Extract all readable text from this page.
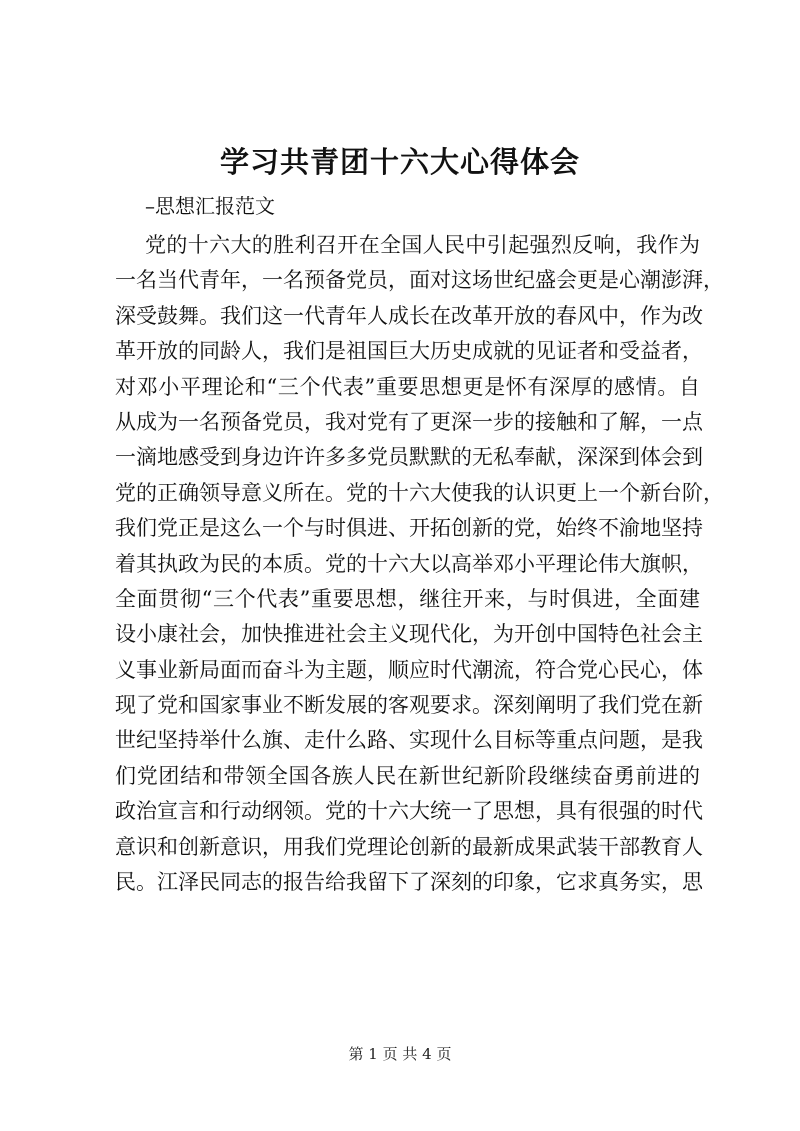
学习共青团十六大心得体会
–思想汇报范文
党的十六大的胜利召开在全国人民中引起强烈反响，我作为
一名当代青年，一名预备党员，面对这场世纪盛会更是心潮澎湃，
深受鼓舞。我们这一代青年人成长在改革开放的春风中，作为改
革开放的同龄人，我们是祖国巨大历史成就的见证者和受益者，
对邓小平理论和“三个代表”重要思想更是怀有深厚的感情。自
从成为一名预备党员，我对党有了更深一步的接触和了解，一点
一滴地感受到身边许许多多党员默默的无私奉献，深深到体会到
党的正确领导意义所在。党的十六大使我的认识更上一个新台阶，
我们党正是这么一个与时俱进、开拓创新的党，始终不渝地坚持
着其执政为民的本质。党的十六大以高举邓小平理论伟大旗帜，
全面贯彻“三个代表”重要思想，继往开来，与时俱进，全面建
设小康社会，加快推进社会主义现代化，为开创中国特色社会主
义事业新局面而奋斗为主题，顺应时代潮流，符合党心民心，体
现了党和国家事业不断发展的客观要求。深刻阐明了我们党在新
世纪坚持举什么旗、走什么路、实现什么目标等重点问题，是我
们党团结和带领全国各族人民在新世纪新阶段继续奋勇前进的
政治宣言和行动纲领。党的十六大统一了思想，具有很强的时代
意识和创新意识，用我们党理论创新的最新成果武装干部教育人
民。江泽民同志的报告给我留下了深刻的印象，它求真务实，思
第 1 页 共 4 页
